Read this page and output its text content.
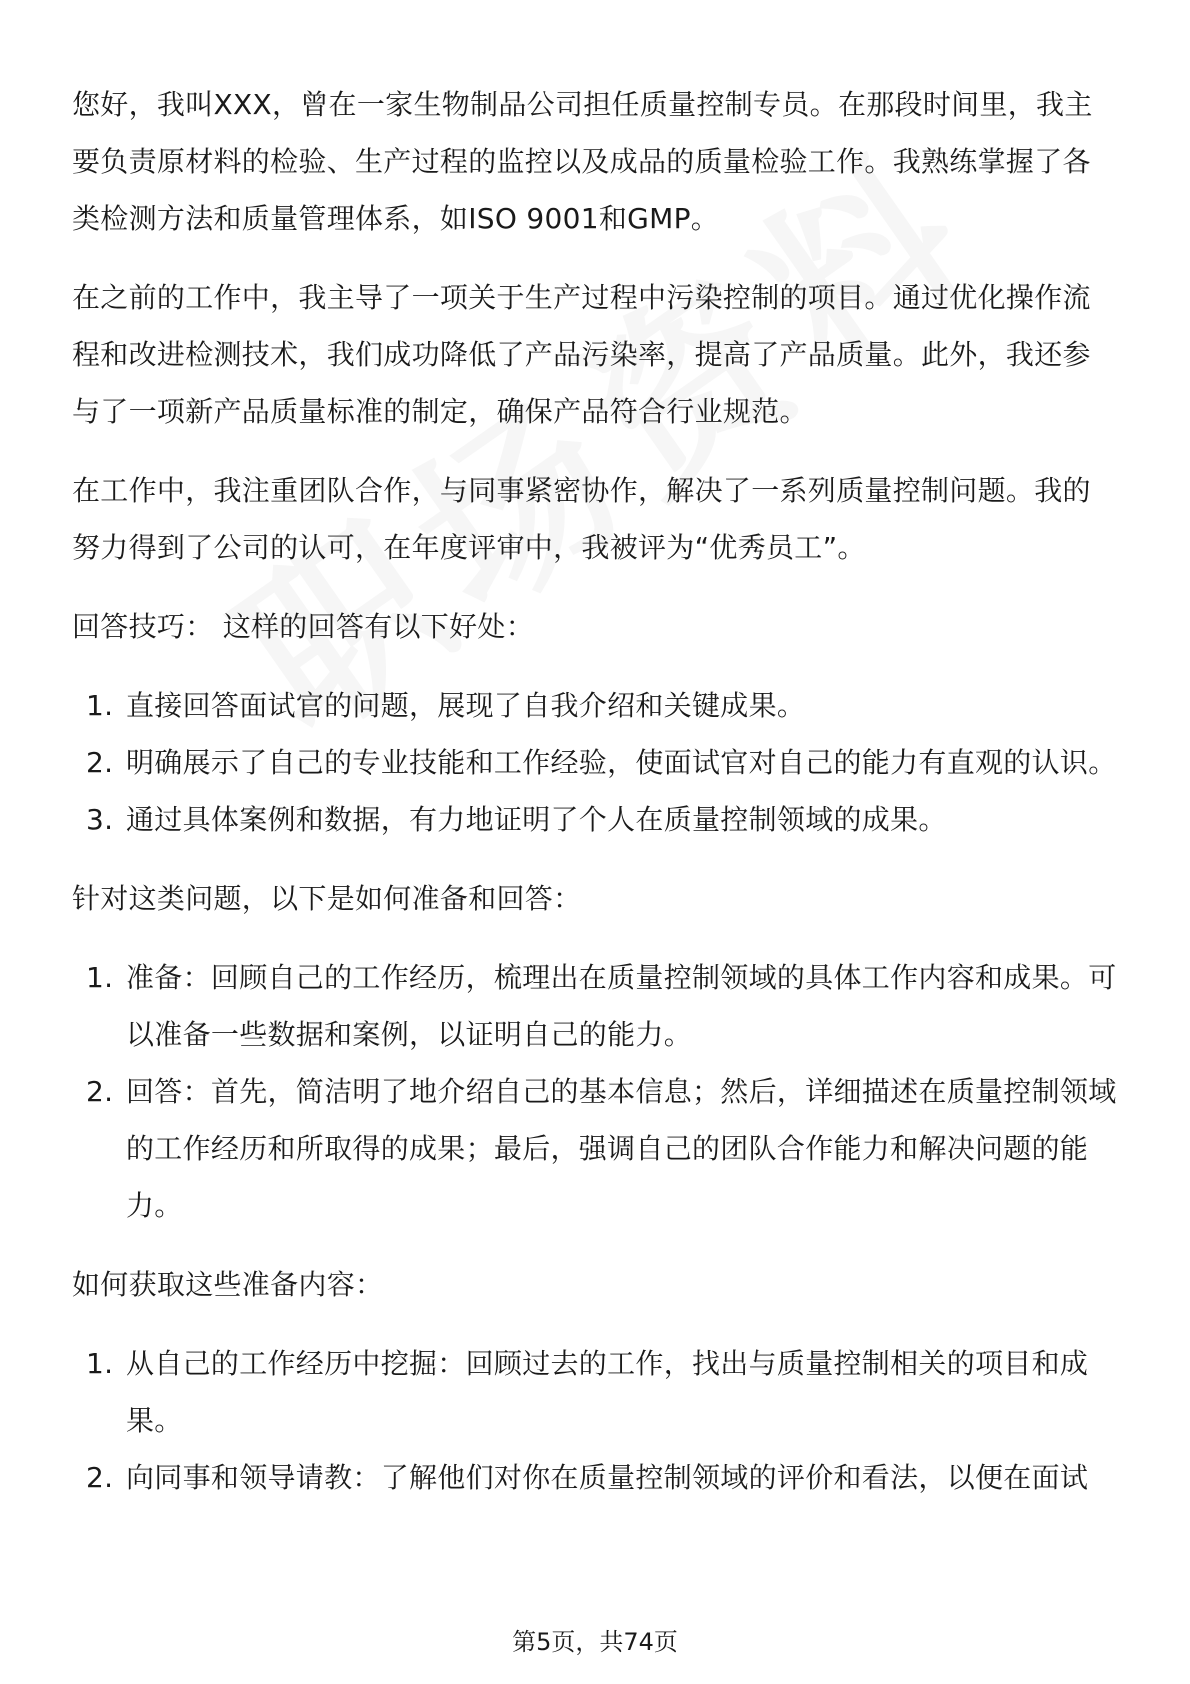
您好，我叫XXX，曾在一家生物制品公司担任质量控制专员。在那段时间里，我主要负责原材料的检验、生产过程的监控以及成品的质量检验工作。我熟练掌握了各类检测方法和质量管理体系，如ISO 9001和GMP。

在之前的工作中，我主导了一项关于生产过程中污染控制的项目。通过优化操作流程和改进检测技术，我们成功降低了产品污染率，提高了产品质量。此外，我还参与了一项新产品质量标准的制定，确保产品符合行业规范。

在工作中，我注重团队合作，与同事紧密协作，解决了一系列质量控制问题。我的努力得到了公司的认可，在年度评审中，我被评为“优秀员工”。

回答技巧： 这样的回答有以下好处：

1. 直接回答面试官的问题，展现了自我介绍和关键成果。
2. 明确展示了自己的专业技能和工作经验，使面试官对自己的能力有直观的认识。
3. 通过具体案例和数据，有力地证明了个人在质量控制领域的成果。

针对这类问题，以下是如何准备和回答：

1. 准备：回顾自己的工作经历，梳理出在质量控制领域的具体工作内容和成果。可以准备一些数据和案例，以证明自己的能力。
2. 回答：首先，简洁明了地介绍自己的基本信息；然后，详细描述在质量控制领域的工作经历和所取得的成果；最后，强调自己的团队合作能力和解决问题的能力。

如何获取这些准备内容：

1. 从自己的工作经历中挖掘：回顾过去的工作，找出与质量控制相关的项目和成果。
2. 向同事和领导请教：了解他们对你在质量控制领域的评价和看法，以便在面试
第5页，共74页
